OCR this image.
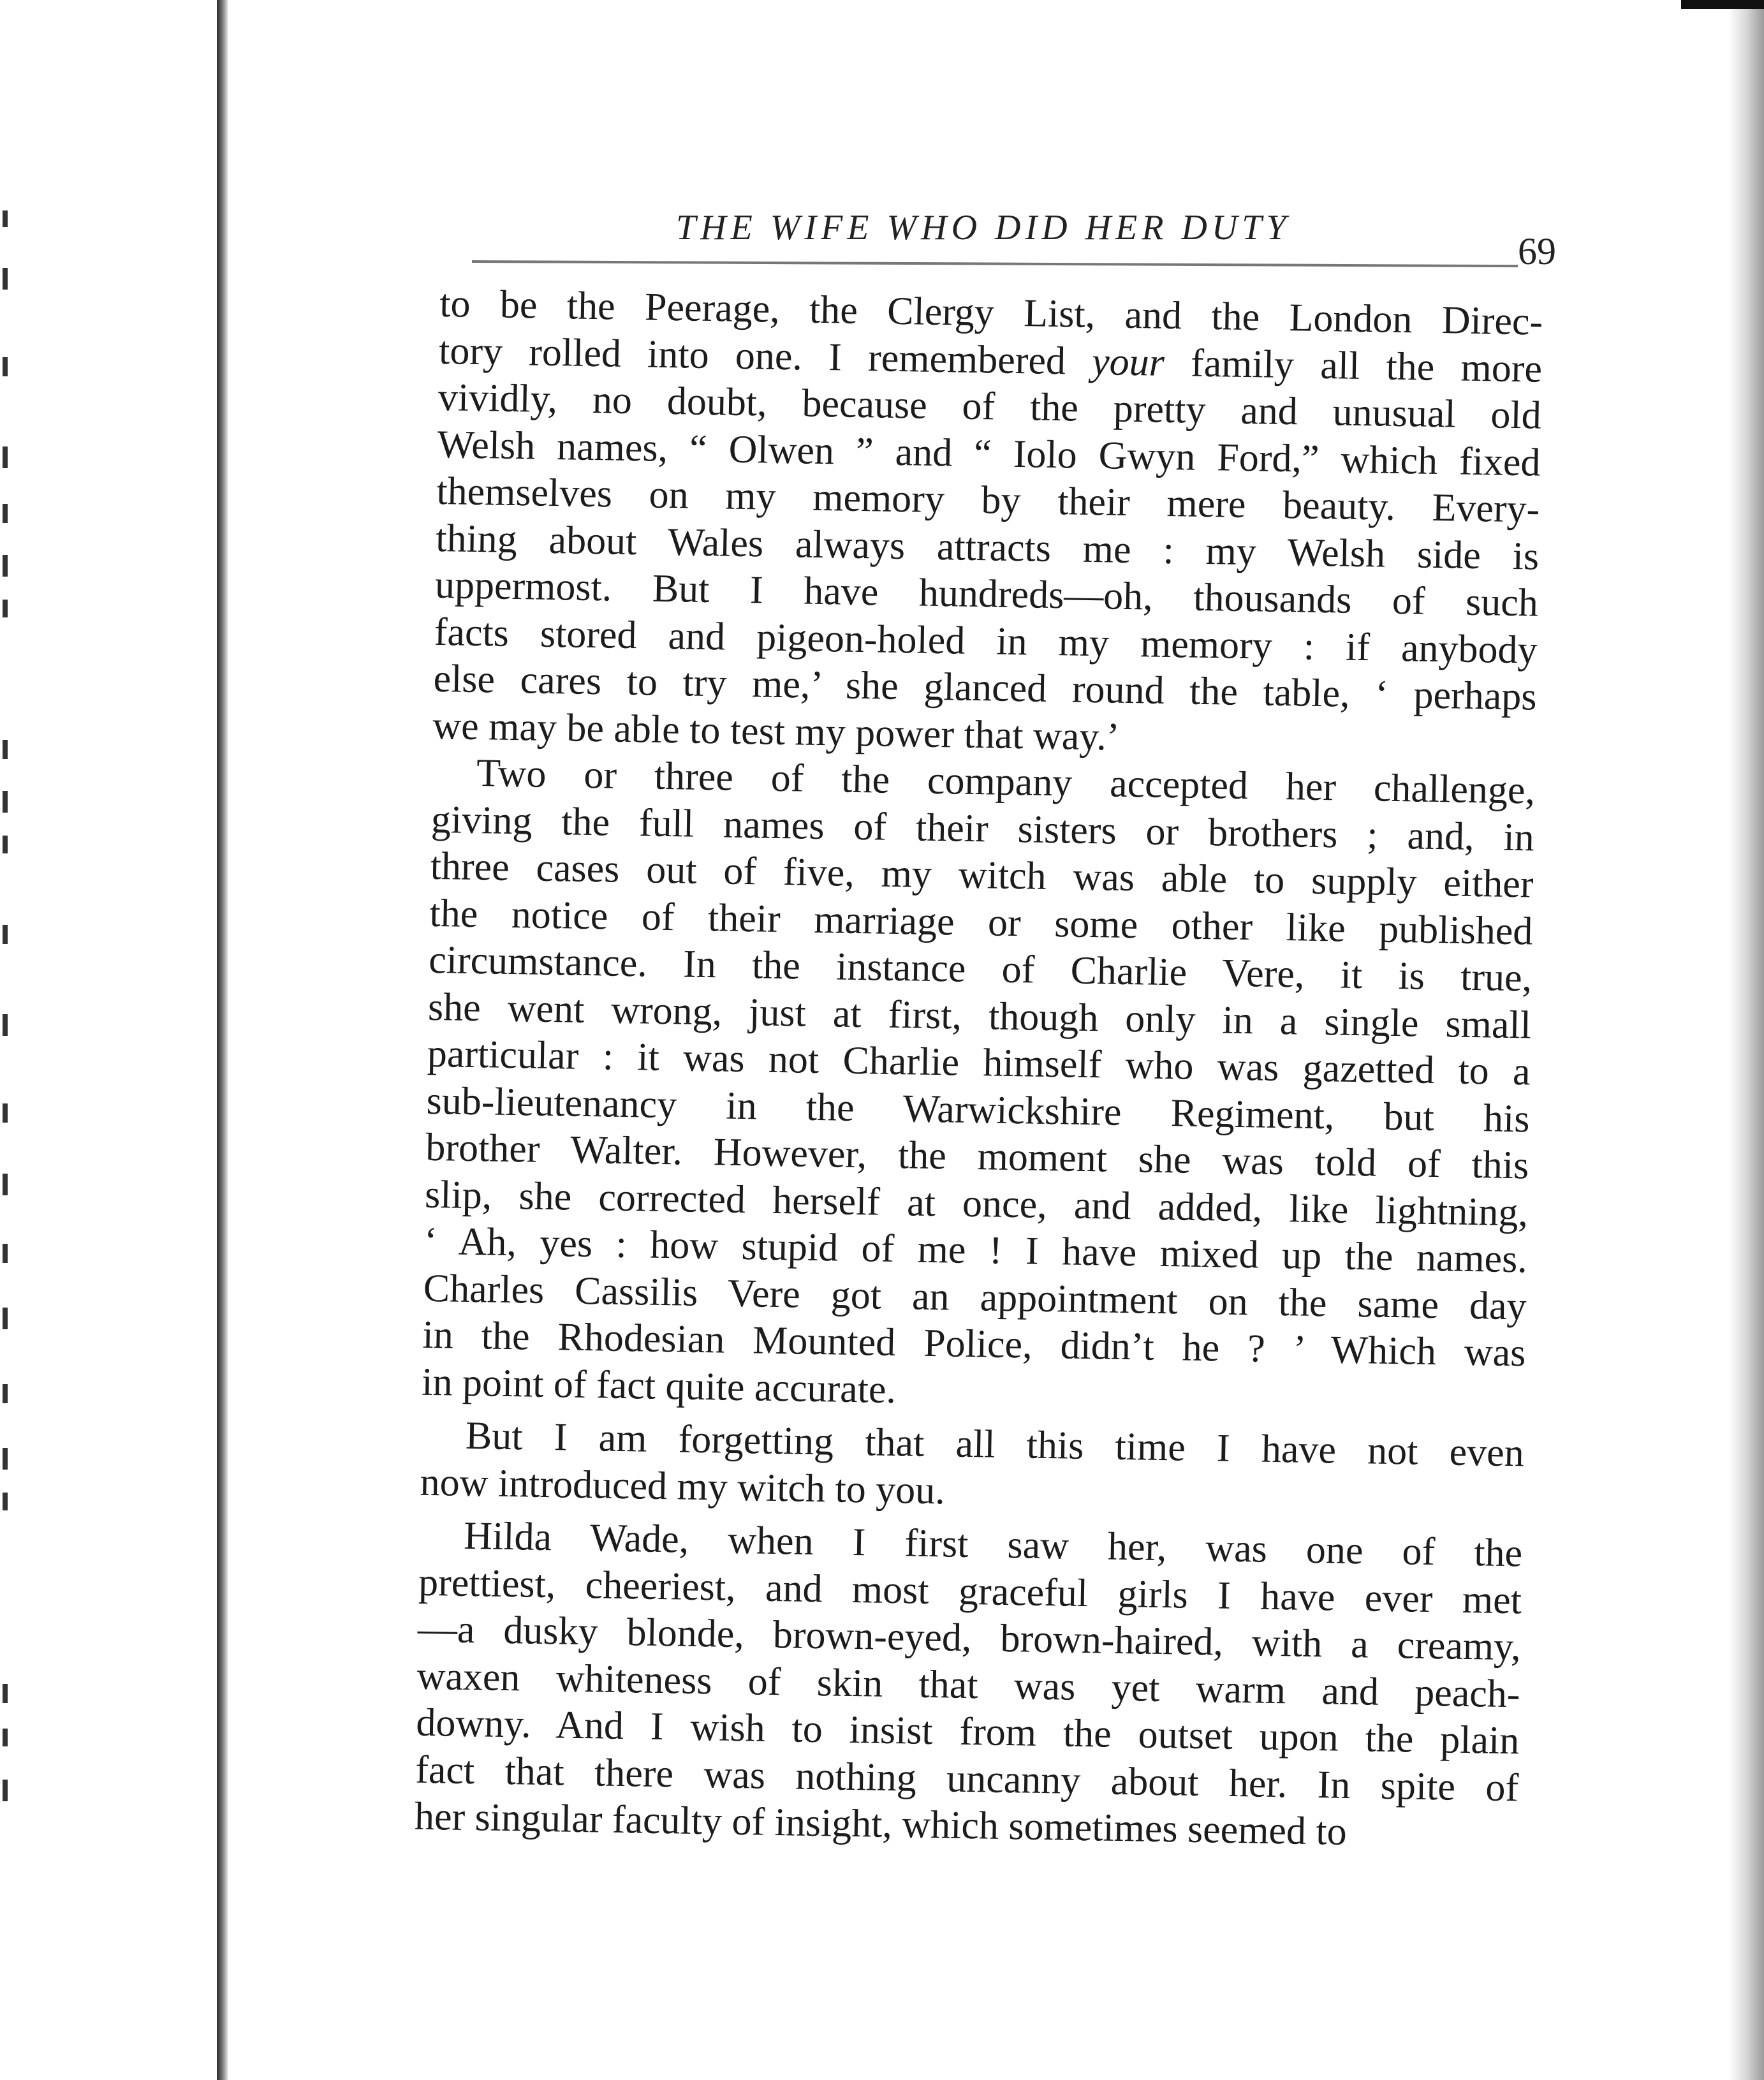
THE WIFE WHO DID HER DUTY
69
to be the Peerage, the Clergy List, and the London Direc-
tory rolled into one. I remembered your family all the more
vividly, no doubt, because of the pretty and unusual old
Welsh names, “ Olwen ” and “ Iolo Gwyn Ford,” which fixed
themselves on my memory by their mere beauty. Every-
thing about Wales always attracts me : my Welsh side is
uppermost. But I have hundreds—oh, thousands of such
facts stored and pigeon-holed in my memory : if anybody
else cares to try me,’ she glanced round the table, ‘ perhaps
we may be able to test my power that way.’
Two or three of the company accepted her challenge,
giving the full names of their sisters or brothers ; and, in
three cases out of five, my witch was able to supply either
the notice of their marriage or some other like published
circumstance. In the instance of Charlie Vere, it is true,
she went wrong, just at first, though only in a single small
particular : it was not Charlie himself who was gazetted to a
sub-lieutenancy in the Warwickshire Regiment, but his
brother Walter. However, the moment she was told of this
slip, she corrected herself at once, and added, like lightning,
‘ Ah, yes : how stupid of me ! I have mixed up the names.
Charles Cassilis Vere got an appointment on the same day
in the Rhodesian Mounted Police, didn’t he ? ’ Which was
in point of fact quite accurate.
But I am forgetting that all this time I have not even
now introduced my witch to you.
Hilda Wade, when I first saw her, was one of the
prettiest, cheeriest, and most graceful girls I have ever met
—a dusky blonde, brown-eyed, brown-haired, with a creamy,
waxen whiteness of skin that was yet warm and peach-
downy. And I wish to insist from the outset upon the plain
fact that there was nothing uncanny about her. In spite of
her singular faculty of insight, which sometimes seemed to
